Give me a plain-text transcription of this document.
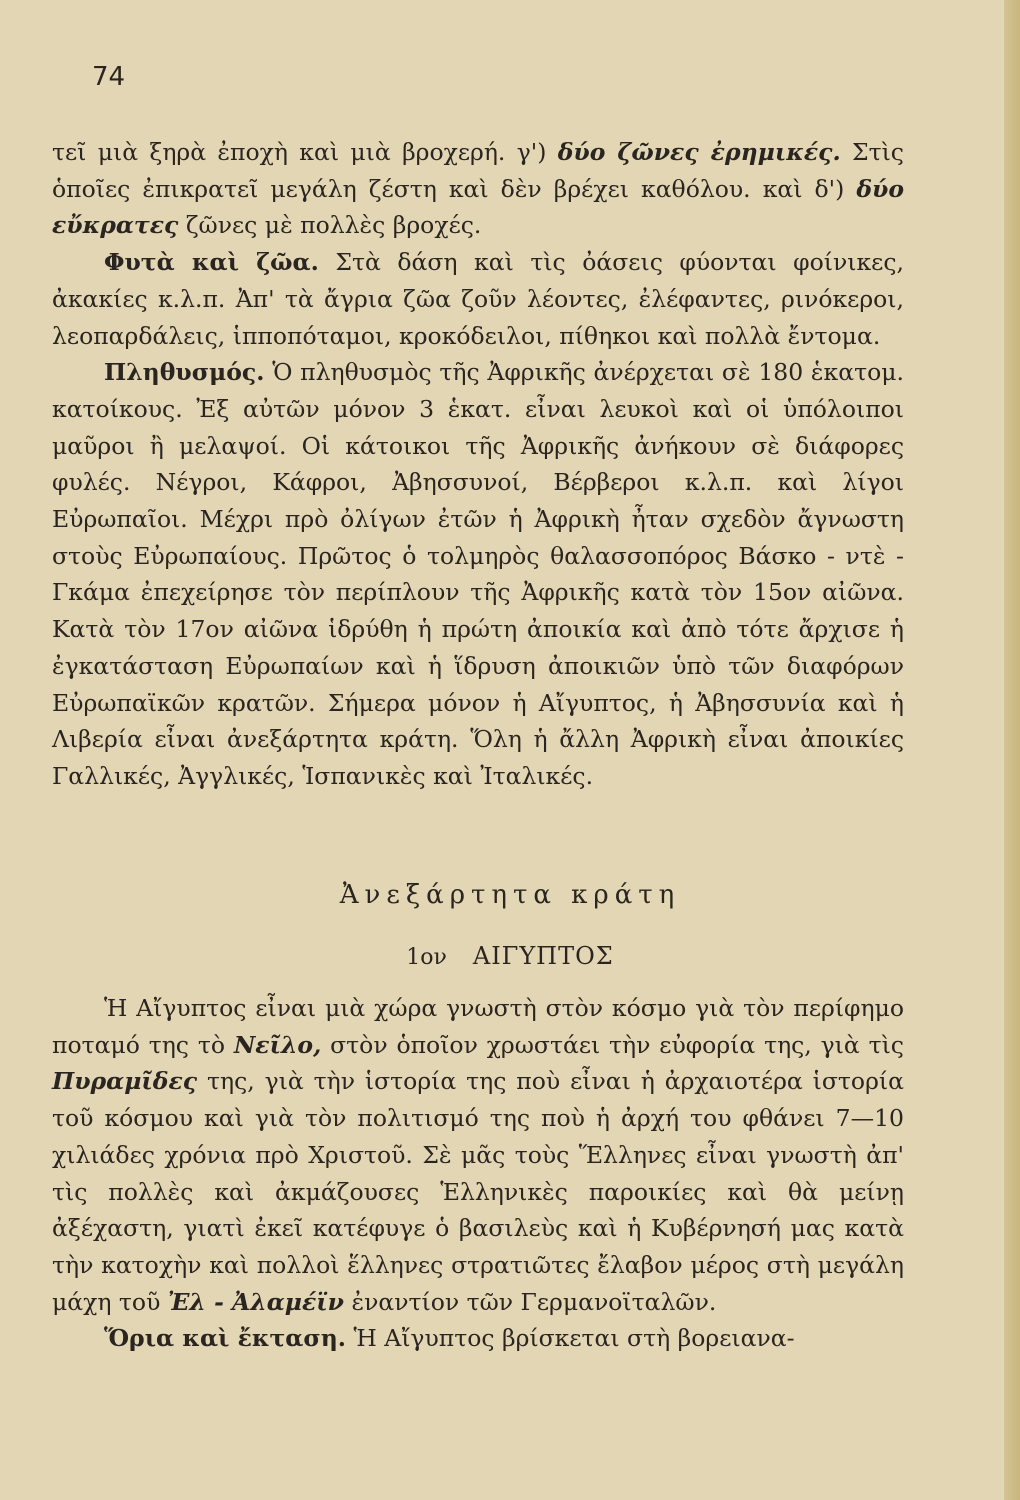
74

τεῖ μιὰ ξηρὰ ἐποχὴ καὶ μιὰ βροχερή. γ') δύο ζῶνες ἐρημικές. Στὶς ὁποῖες ἐπικρατεῖ μεγάλη ζέστη καὶ δὲν βρέχει καθόλου. καὶ δ') δύο εὔκρατες ζῶνες μὲ πολλὲς βροχές.

Φυτὰ καὶ ζῶα. Στὰ δάση καὶ τὶς ὀάσεις φύονται φοίνικες, ἀκακίες κ.λ.π. Ἀπ' τὰ ἄγρια ζῶα ζοῦν λέοντες, ἐλέφαντες, ρινόκεροι, λεοπαρδάλεις, ἱπποπόταμοι, κροκόδειλοι, πίθηκοι καὶ πολλὰ ἔντομα.

Πληθυσμός. Ὁ πληθυσμὸς τῆς Ἀφρικῆς ἀνέρχεται σὲ 180 ἑκατομ. κατοίκους. Ἐξ αὐτῶν μόνον 3 ἑκατ. εἶναι λευκοὶ καὶ οἱ ὑπόλοιποι μαῦροι ἢ μελαψοί. Οἱ κάτοικοι τῆς Ἀφρικῆς ἀνήκουν σὲ διάφορες φυλές. Νέγροι, Κάφροι, Ἀβησσυνοί, Βέρβεροι κ.λ.π. καὶ λίγοι Εὐρωπαῖοι. Μέχρι πρὸ ὀλίγων ἐτῶν ἡ Ἀφρικὴ ἦταν σχεδὸν ἄγνωστη στοὺς Εὐρωπαίους. Πρῶτος ὁ τολμηρὸς θαλασσοπόρος Βάσκο - ντὲ - Γκάμα ἐπεχείρησε τὸν περίπλουν τῆς Ἀφρικῆς κατὰ τὸν 15ον αἰῶνα. Κατὰ τὸν 17ον αἰῶνα ἱδρύθη ἡ πρώτη ἀποικία καὶ ἀπὸ τότε ἄρχισε ἡ ἐγκατάσταση Εὐρωπαίων καὶ ἡ ἵδρυση ἀποικιῶν ὑπὸ τῶν διαφόρων Εὐρωπαϊκῶν κρατῶν. Σήμερα μόνον ἡ Αἴγυπτος, ἡ Ἀβησσυνία καὶ ἡ Λιβερία εἶναι ἀνεξάρτητα κράτη. Ὅλη ἡ ἄλλη Ἀφρικὴ εἶναι ἀποικίες Γαλλικές, Ἀγγλικές, Ἱσπανικὲς καὶ Ἰταλικές.

Ἀνεξάρτητα κράτη
1ον ΑΙΓΥΠΤΟΣ

Ἡ Αἴγυπτος εἶναι μιὰ χώρα γνωστὴ στὸν κόσμο γιὰ τὸν περίφημο ποταμό της τὸ Νεῖλο, στὸν ὁποῖον χρωστάει τὴν εὐφορία της, γιὰ τὶς Πυραμῖδες της, γιὰ τὴν ἱστορία της ποὺ εἶναι ἡ ἀρχαιοτέρα ἱστορία τοῦ κόσμου καὶ γιὰ τὸν πολιτισμό της ποὺ ἡ ἀρχή του φθάνει 7—10 χιλιάδες χρόνια πρὸ Χριστοῦ. Σὲ μᾶς τοὺς Ἕλληνες εἶναι γνωστὴ ἀπ' τὶς πολλὲς καὶ ἀκμάζουσες Ἑλληνικὲς παροικίες καὶ θὰ μείνῃ ἀξέχαστη, γιατὶ ἐκεῖ κατέφυγε ὁ βασιλεὺς καὶ ἡ Κυβέρνησή μας κατὰ τὴν κατοχὴν καὶ πολλοὶ ἕλληνες στρατιῶτες ἔλαβον μέρος στὴ μεγάλη μάχη τοῦ Ἐλ - Ἀλαμέϊν ἐναντίον τῶν Γερμανοϊταλῶν.

Ὅρια καὶ ἔκταση. Ἡ Αἴγυπτος βρίσκεται στὴ βορειανα-
